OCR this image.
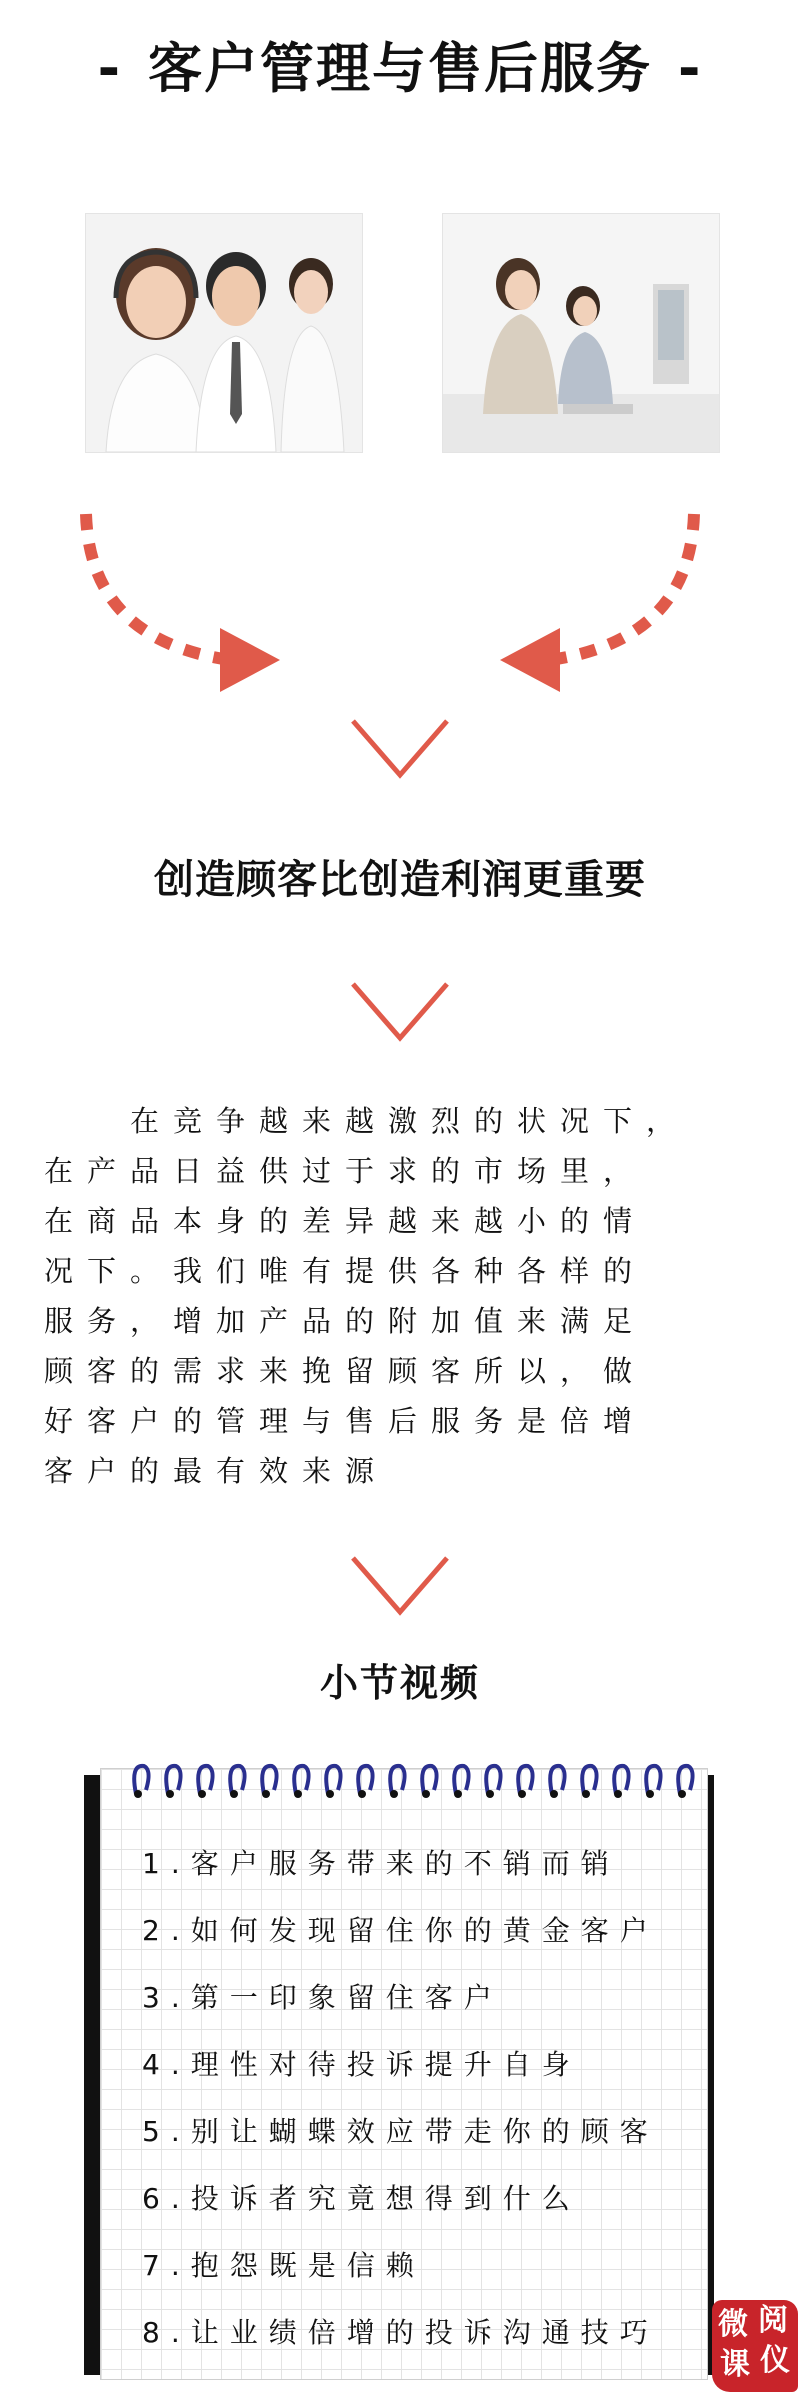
- 客户管理与售后服务 -
创造顾客比创造利润更重要
　　在竞争越来越激烈的状况下，
在产品日益供过于求的市场里，
在商品本身的差异越来越小的情
况下。我们唯有提供各种各样的
服务，增加产品的附加值来满足
顾客的需求来挽留顾客所以，做
好客户的管理与售后服务是倍增
客户的最有效来源
小节视频
1.客户服务带来的不销而销
2.如何发现留住你的黄金客户
3.第一印象留住客户
4.理性对待投诉提升自身
5.别让蝴蝶效应带走你的顾客
6.投诉者究竟想得到什么
7.抱怨既是信赖
8.让业绩倍增的投诉沟通技巧	微 阅
课 仪
